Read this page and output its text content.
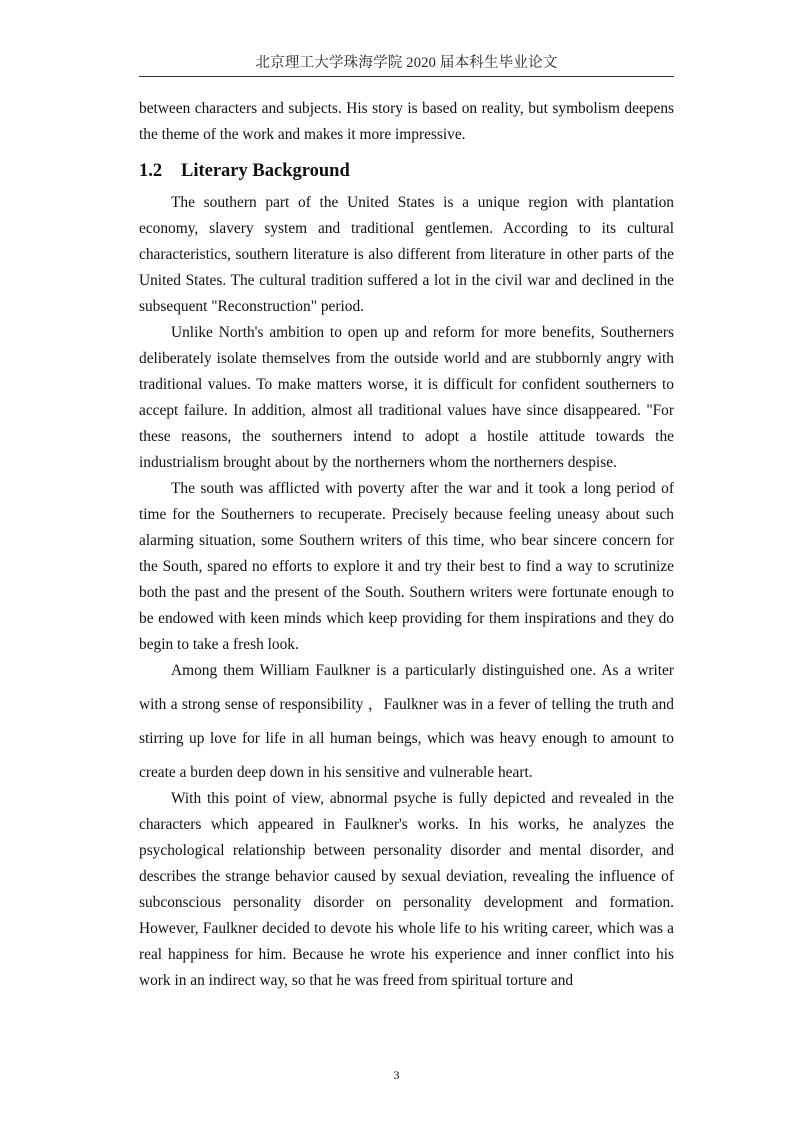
北京理工大学珠海学院 2020 届本科生毕业论文

between characters and subjects. His story is based on reality, but symbolism deepens the theme of the work and makes it more impressive.

1.2 Literary Background

The southern part of the United States is a unique region with plantation economy, slavery system and traditional gentlemen. According to its cultural characteristics, southern literature is also different from literature in other parts of the United States. The cultural tradition suffered a lot in the civil war and declined in the subsequent "Reconstruction" period.

Unlike North's ambition to open up and reform for more benefits, Southerners deliberately isolate themselves from the outside world and are stubbornly angry with traditional values. To make matters worse, it is difficult for confident southerners to accept failure. In addition, almost all traditional values have since disappeared. "For these reasons, the southerners intend to adopt a hostile attitude towards the industrialism brought about by the northerners whom the northerners despise.

The south was afflicted with poverty after the war and it took a long period of time for the Southerners to recuperate. Precisely because feeling uneasy about such alarming situation, some Southern writers of this time, who bear sincere concern for the South, spared no efforts to explore it and try their best to find a way to scrutinize both the past and the present of the South. Southern writers were fortunate enough to be endowed with keen minds which keep providing for them inspirations and they do begin to take a fresh look.

Among them William Faulkner is a particularly distinguished one. As a writer with a strong sense of responsibility ，Faulkner was in a fever of telling the truth and stirring up love for life in all human beings, which was heavy enough to amount to create a burden deep down in his sensitive and vulnerable heart.

With this point of view, abnormal psyche is fully depicted and revealed in the characters which appeared in Faulkner's works. In his works, he analyzes the psychological relationship between personality disorder and mental disorder, and describes the strange behavior caused by sexual deviation, revealing the influence of subconscious personality disorder on personality development and formation. However, Faulkner decided to devote his whole life to his writing career, which was a real happiness for him. Because he wrote his experience and inner conflict into his work in an indirect way, so that he was freed from spiritual torture and

3
